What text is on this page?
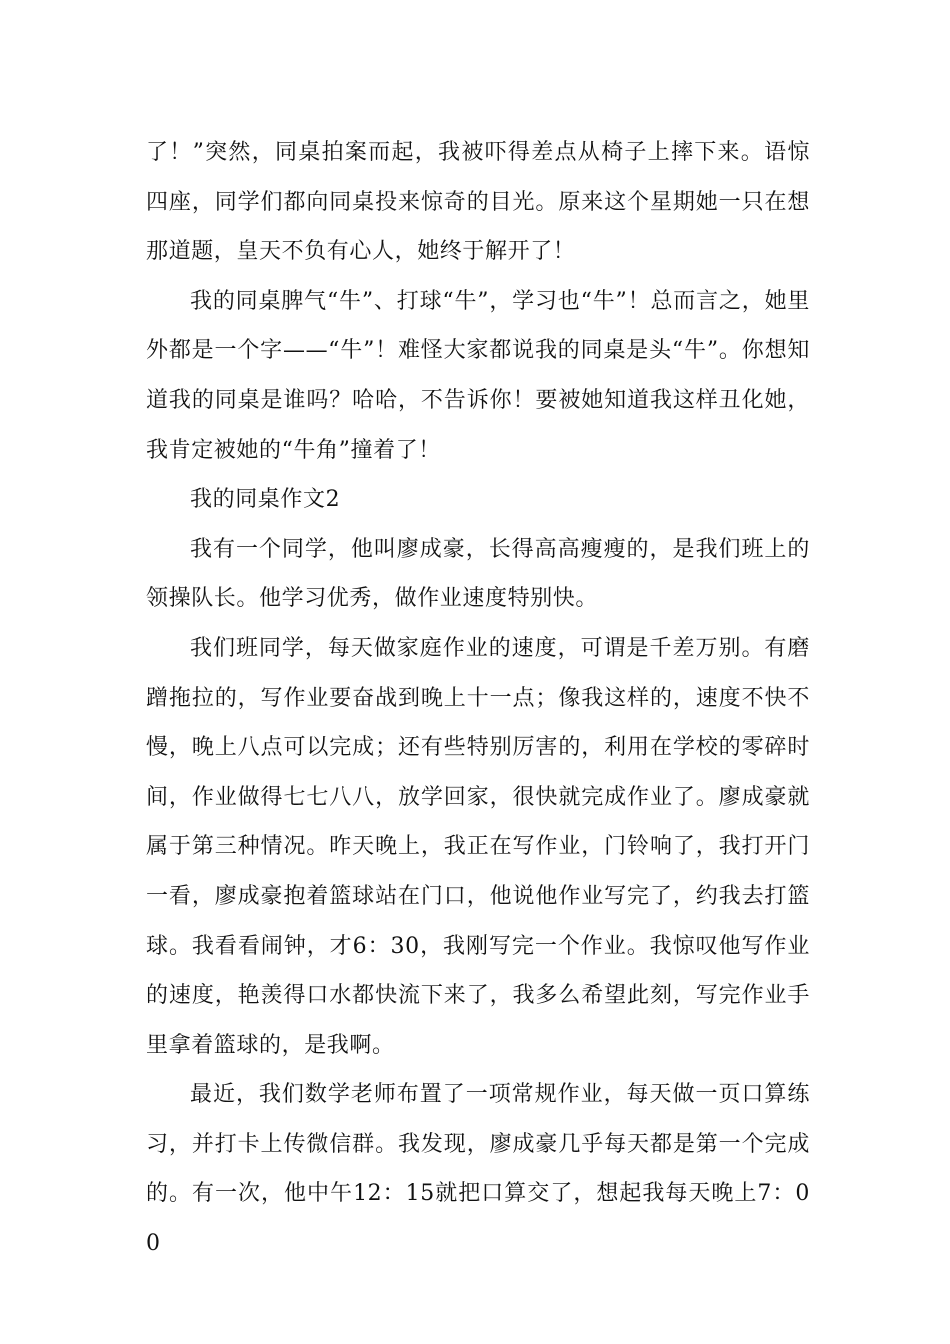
了！”突然，同桌拍案而起，我被吓得差点从椅子上摔下来。语惊四座，同学们都向同桌投来惊奇的目光。原来这个星期她一只在想那道题，皇天不负有心人，她终于解开了！

我的同桌脾气“牛”、打球“牛”，学习也“牛”！总而言之，她里外都是一个字——“牛”！难怪大家都说我的同桌是头“牛”。你想知道我的同桌是谁吗？哈哈，不告诉你！要被她知道我这样丑化她，我肯定被她的“牛角”撞着了！

我的同桌作文2

我有一个同学，他叫廖成豪，长得高高瘦瘦的，是我们班上的领操队长。他学习优秀，做作业速度特别快。

我们班同学，每天做家庭作业的速度，可谓是千差万别。有磨蹭拖拉的，写作业要奋战到晚上十一点；像我这样的，速度不快不慢，晚上八点可以完成；还有些特别厉害的，利用在学校的零碎时间，作业做得七七八八，放学回家，很快就完成作业了。廖成豪就属于第三种情况。昨天晚上，我正在写作业，门铃响了，我打开门一看，廖成豪抱着篮球站在门口，他说他作业写完了，约我去打篮球。我看看闹钟，才6：30，我刚写完一个作业。我惊叹他写作业的速度，艳羡得口水都快流下来了，我多么希望此刻，写完作业手里拿着篮球的，是我啊。

最近，我们数学老师布置了一项常规作业，每天做一页口算练习，并打卡上传微信群。我发现，廖成豪几乎每天都是第一个完成的。有一次，他中午12：15就把口算交了，想起我每天晚上7：00
